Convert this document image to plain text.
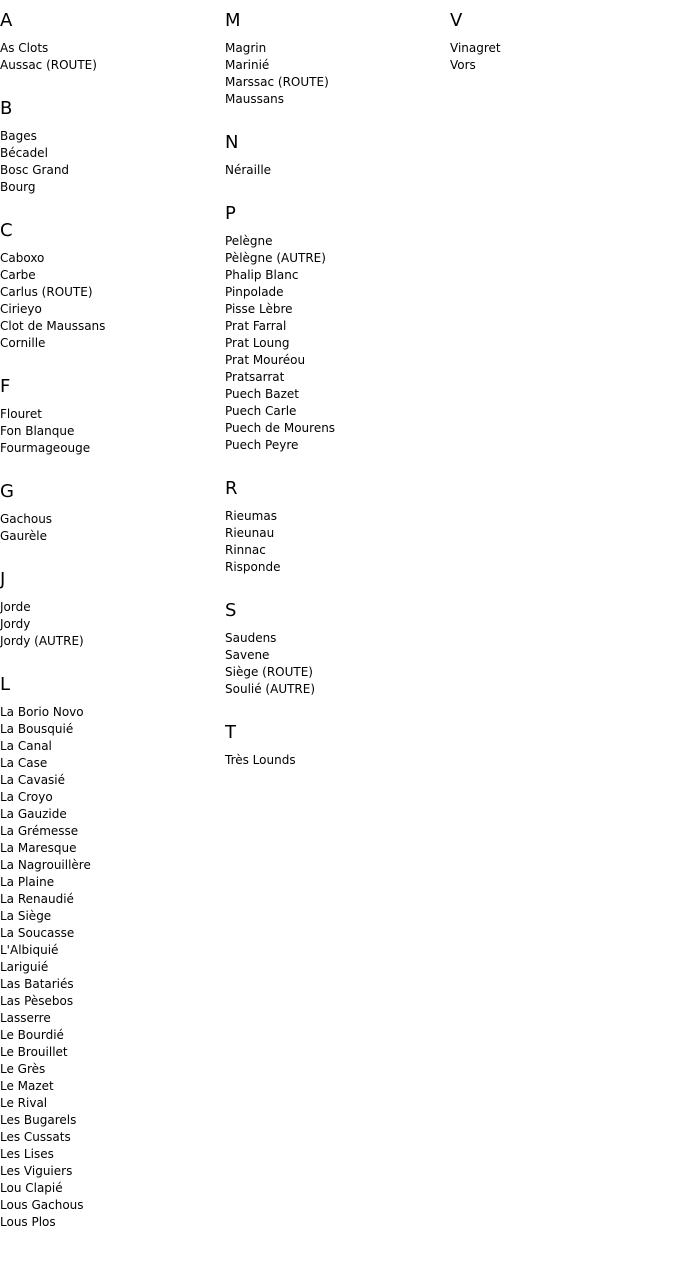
A
As Clots
Aussac (ROUTE)
B
Bages
Bécadel
Bosc Grand
Bourg
C
Caboxo
Carbe
Carlus (ROUTE)
Cirieyo
Clot de Maussans
Cornille
F
Flouret
Fon Blanque
Fourmageouge
G
Gachous
Gaurèle
J
Jorde
Jordy
Jordy (AUTRE)
L
La Borio Novo
La Bousquié
La Canal
La Case
La Cavasié
La Croyo
La Gauzide
La Grémesse
La Maresque
La Nagrouillère
La Plaine
La Renaudié
La Siège
La Soucasse
L'Albiquié
Lariguié
Las Batariés
Las Pèsebos
Lasserre
Le Bourdié
Le Brouillet
Le Grès
Le Mazet
Le Rival
Les Bugarels
Les Cussats
Les Lises
Les Viguiers
Lou Clapié
Lous Gachous
Lous Plos
M
Magrin
Marinié
Marssac (ROUTE)
Maussans
N
Néraille
P
Pelègne
Pèlègne (AUTRE)
Phalip Blanc
Pinpolade
Pisse Lèbre
Prat Farral
Prat Loung
Prat Mouréou
Pratsarrat
Puech Bazet
Puech Carle
Puech de Mourens
Puech Peyre
R
Rieumas
Rieunau
Rinnac
Risponde
S
Saudens
Savene
Siège (ROUTE)
Soulié (AUTRE)
T
Très Lounds
V
Vinagret
Vors
